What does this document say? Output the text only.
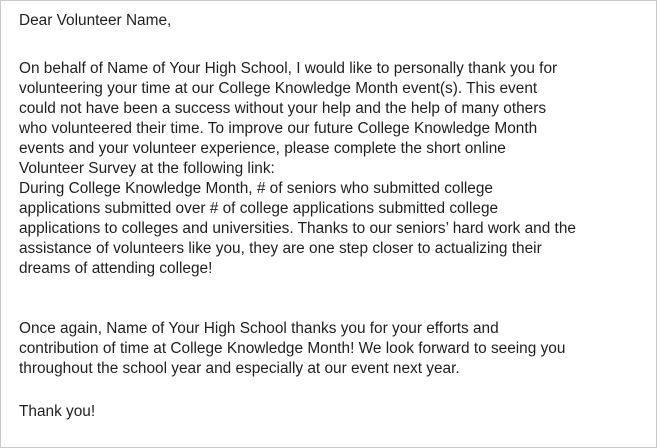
Dear Volunteer Name,

On behalf of Name of Your High School, I would like to personally thank you for
volunteering your time at our College Knowledge Month event(s). This event
could not have been a success without your help and the help of many others
who volunteered their time. To improve our future College Knowledge Month
events and your volunteer experience, please complete the short online
Volunteer Survey at the following link:
During College Knowledge Month, # of seniors who submitted college
applications submitted over # of college applications submitted college
applications to colleges and universities. Thanks to our seniors’ hard work and the
assistance of volunteers like you, they are one step closer to actualizing their
dreams of attending college!

Once again, Name of Your High School thanks you for your efforts and
contribution of time at College Knowledge Month! We look forward to seeing you
throughout the school year and especially at our event next year.

Thank you!
